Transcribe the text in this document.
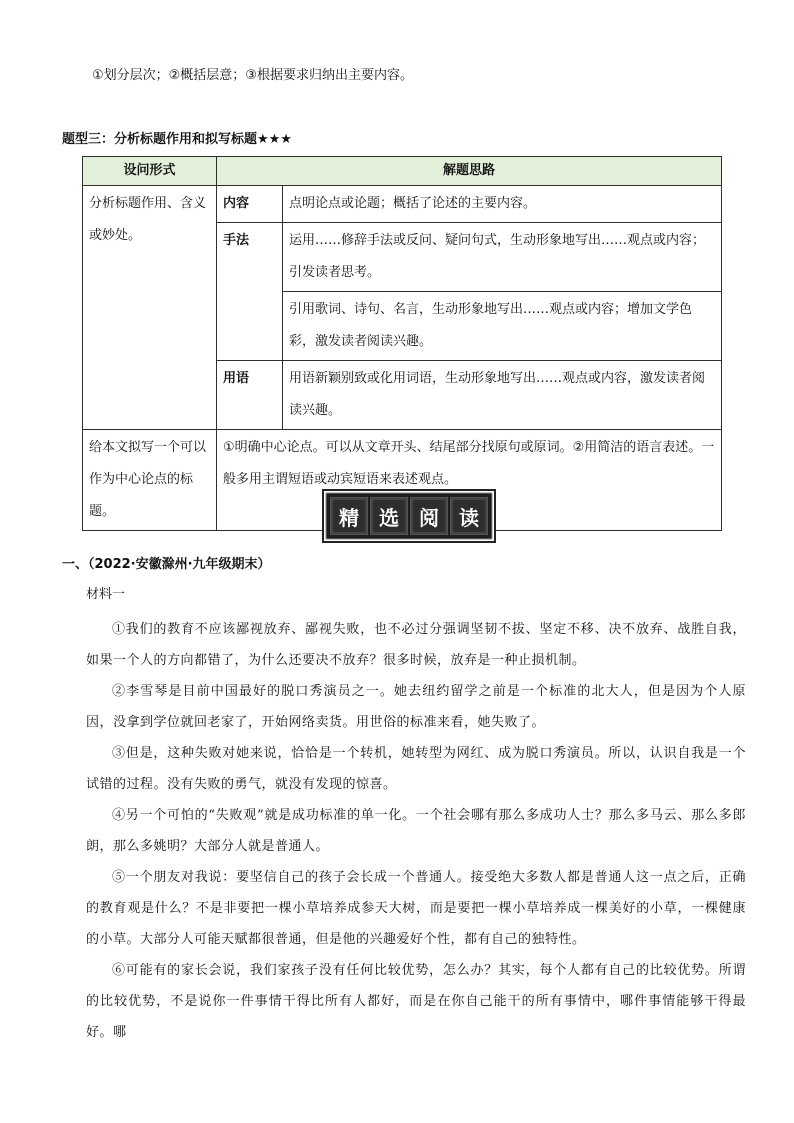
①划分层次；②概括层意；③根据要求归纳出主要内容。
题型三：分析标题作用和拟写标题★★★
设问形式	解题思路	
分析标题作用、含义或妙处。	内容	点明论点或论题；概括了论述的主要内容。
	手法	运用……修辞手法或反问、疑问句式，生动形象地写出……观点或内容；引发读者思考。
		引用歌词、诗句、名言，生动形象地写出……观点或内容；增加文学色彩，激发读者阅读兴趣。
	用语	用语新颖别致或化用词语，生动形象地写出……观点或内容，激发读者阅读兴趣。
给本文拟写一个可以作为中心论点的标题。	①明确中心论点。可以从文章开头、结尾部分找原句或原词。②用简洁的语言表述。一般多用主谓短语或动宾短语来表述观点。	
精	选	阅	读
一、（2022·安徽滁州·九年级期末）
材料一

①我们的教育不应该鄙视放弃、鄙视失败，也不必过分强调坚韧不拔、坚定不移、决不放弃、战胜自我，如果一个人的方向都错了，为什么还要决不放弃？很多时候，放弃是一种止损机制。

②李雪琴是目前中国最好的脱口秀演员之一。她去纽约留学之前是一个标准的北大人，但是因为个人原因，没拿到学位就回老家了，开始网络卖货。用世俗的标准来看，她失败了。

③但是，这种失败对她来说，恰恰是一个转机，她转型为网红、成为脱口秀演员。所以，认识自我是一个试错的过程。没有失败的勇气，就没有发现的惊喜。

④另一个可怕的“失败观”就是成功标准的单一化。一个社会哪有那么多成功人士？那么多马云、那么多郎朗，那么多姚明？大部分人就是普通人。

⑤一个朋友对我说：要坚信自己的孩子会长成一个普通人。接受绝大多数人都是普通人这一点之后，正确的教育观是什么？不是非要把一棵小草培养成参天大树，而是要把一棵小草培养成一棵美好的小草，一棵健康的小草。大部分人可能天赋都很普通，但是他的兴趣爱好个性，都有自己的独特性。

⑥可能有的家长会说，我们家孩子没有任何比较优势，怎么办？其实，每个人都有自己的比较优势。所谓的比较优势，不是说你一件事情干得比所有人都好，而是在你自己能干的所有事情中，哪件事情能够干得最好。哪
